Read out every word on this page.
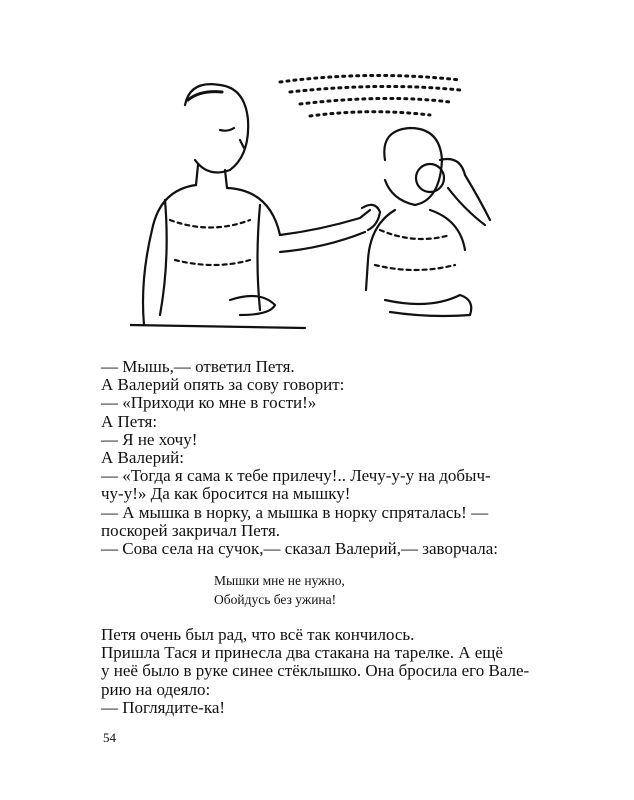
— Мышь,— ответил Петя.

А Валерий опять за сову говорит:

— «Приходи ко мне в гости!»

А Петя:

— Я не хочу!

А Валерий:

— «Тогда я сама к тебе прилечу!.. Лечу-у-у на добыч-

чу-у!» Да как бросится на мышку!

— А мышка в норку, а мышка в норку спряталась! —

поскорей закричал Петя.

— Сова села на сучок,— сказал Валерий,— заворчала:

Мышки мне не нужно,

Обойдусь без ужина!

Петя очень был рад, что всё так кончилось.

Пришла Тася и принесла два стакана на тарелке. А ещё

у неё было в руке синее стёклышко. Она бросила его Вале-

рию на одеяло:

— Поглядите-ка!

54
